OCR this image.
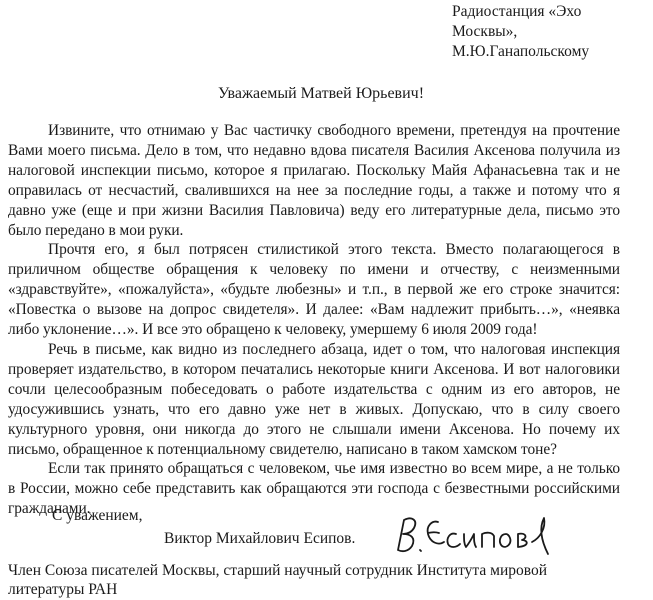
Радиостанция «Эхо
Москвы»,
М.Ю.Ганапольскому
Уважаемый Матвей Юрьевич!

Извините, что отнимаю у Вас частичку свободного времени, претендуя на прочтение Вами моего письма. Дело в том, что недавно вдова писателя Василия Аксенова получила из налоговой инспекции письмо, которое я прилагаю. Поскольку Майя Афанасьевна так и не оправилась от несчастий, свалившихся на нее за последние годы, а также и потому что я давно уже (еще и при жизни Василия Павловича) веду его литературные дела, письмо это было передано в мои руки.

Прочтя его, я был потрясен стилистикой этого текста. Вместо полагающегося в приличном обществе обращения к человеку по имени и отчеству, с неизменными «здравствуйте», «пожалуйста», «будьте любезны» и т.п., в первой же его строке значится: «Повестка о вызове на допрос свидетеля». И далее: «Вам надлежит прибыть…», «неявка либо уклонение…». И все это обращено к человеку, умершему 6 июля 2009 года!

Речь в письме, как видно из последнего абзаца, идет о том, что налоговая инспекция проверяет издательство, в котором печатались некоторые книги Аксенова. И вот налоговики сочли целесообразным побеседовать о работе издательства с одним из его авторов, не удосужившись узнать, что его давно уже нет в живых. Допускаю, что в силу своего культурного уровня, они никогда до этого не слышали имени Аксенова. Но почему их письмо, обращенное к потенциальному свидетелю, написано в таком хамском тоне?

Если так принято обращаться с человеком, чье имя известно во всем мире, а не только в России, можно себе представить как обращаются эти господа с безвестными российскими гражданами.

С уважением,
Виктор Михайлович Есипов.
Член Союза писателей Москвы, старший научный сотрудник Института мировой
литературы РАН
